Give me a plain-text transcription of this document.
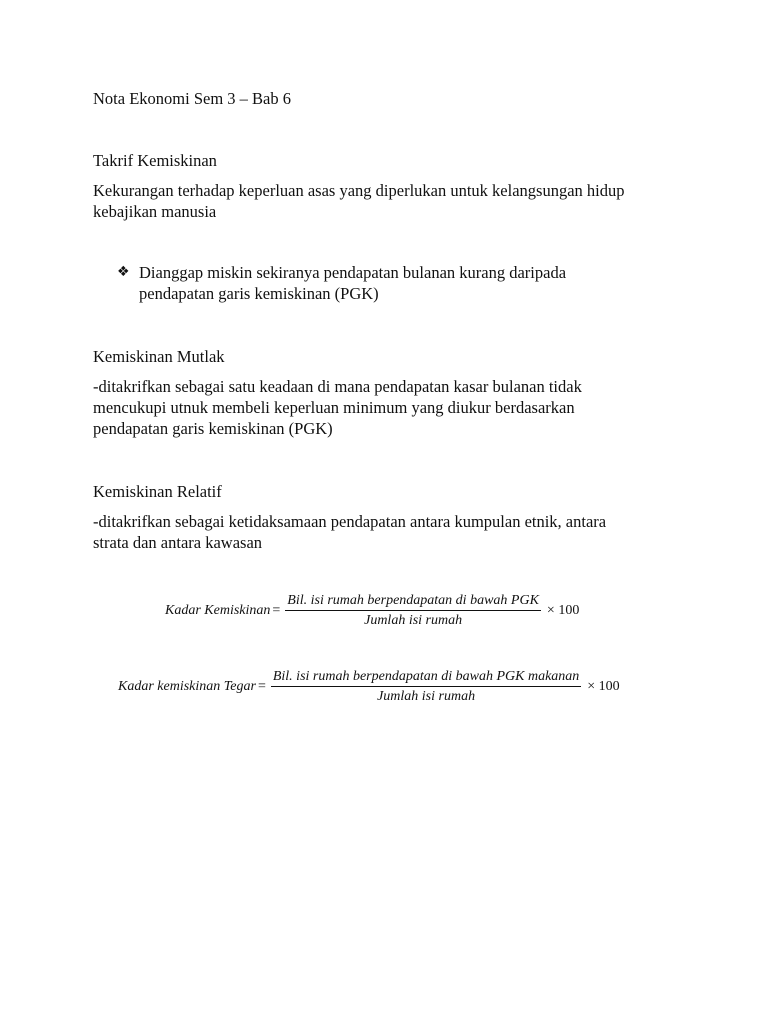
Nota Ekonomi Sem 3 – Bab 6

Takrif Kemiskinan

Kekurangan terhadap keperluan asas yang diperlukan untuk kelangsungan hidup

kebajikan manusia

❖ Dianggap miskin sekiranya pendapatan bulanan kurang daripada
pendapatan garis kemiskinan (PGK)

Kemiskinan Mutlak

-ditakrifkan sebagai satu keadaan di mana pendapatan kasar bulanan tidak

mencukupi utnuk membeli keperluan minimum yang diukur berdasarkan

pendapatan garis kemiskinan (PGK)

Kemiskinan Relatif

-ditakrifkan sebagai ketidaksamaan pendapatan antara kumpulan etnik, antara

strata dan antara kawasan

Kadar Kemiskinan = $\frac{\text{Bil. isi rumah berpendapatan di bawah PGK}}{\text{Jumlah isi rumah}} \times 100$
Kadar kemiskinan Tegar = $\frac{\text{Bil. isi rumah berpendapatan di bawah PGK makanan}}{\text{Jumlah isi rumah}} \times 100$
